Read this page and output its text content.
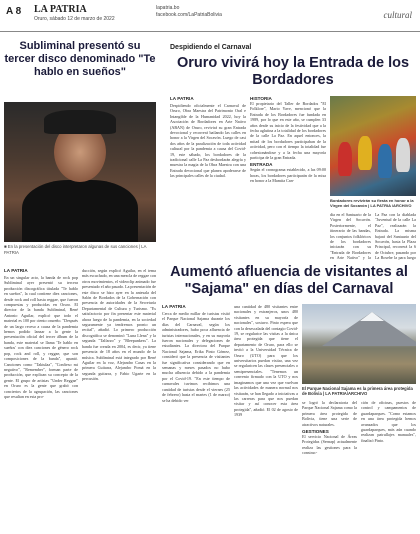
A 8 LA PATRIA
Oruro, sábado 12 de marzo de 2022
lapatria.bo
facebook.com/LaPatriaBolivia	cultural
Subliminal presentó su tercer disco denominado "Te hablo en sueños"
■ En la presentación del disco interpretaron algunas de sus canciones | LA PATRIA
LA PATRIA
En un singular acto, la banda de rock pop Subliminal ayer presentó su tercera producción discográfica titulada "Te hablo en sueños", la cual contiene diez canciones, desde rock and roll hasta reggae, que fueron compuestas y producidas en Oruro. El director de la banda Subliminal, René Antonio Aguilar, explicó que todo el material es 100 por ciento orureño. "Después de un largo receso a causa de la pandemia hemos podido lanzar a la gente la presentación oficial del tercer álbum de la banda, este material se llama 'Te hablo en sueños' con diez canciones de género rock pop, rock and roll, y reggae, que son composiciones de la banda", apuntó. Canciones como "Taktulaa", "Confieso mi negativo", "Remember", forman parte de producción, que explican su concepto de la gente. El grupo de artistas "Under Reggae" en Oruro es la gente que grabó con conciertos de la agrupación, las canciones que resultan en esta pro-
ducción, según explicó Aguilar, en el tema más escuchado, en una mezcla de reggae con otros movimientos, el videoclip animado fue presentado el año pasado. La presentación de este disco se hizo ayer en la antesala del Salón de Bordados de la Gobernación con presencia de autoridades de la Secretaría Departamental de Cultura y Turismo. "Es satisfactorio por fin presentar este material ahora luego de la pandemia, en la sociedad seguramente ya tendremos pronto un recital", añadió. Lo primero producción discográfica se denominó "Luna Llena" y la segunda "Talfarzo" y "Bleepunkess". La banda fue creada en 2004, es decir, ya tiene presencia de 18 años en el mundo de la música. Subliminal está integrado por René Aguilar en la voz, Alejandro Casas en la primera Guitarra, Alejandro Pomá en la segunda guitarra, y Fabio Ugarte en la percusión.
Despidiendo el Carnaval
Oruro vivirá hoy la Entrada de los Bordadores
LA PATRIA
Despidiendo oficialmente el Carnaval de Oruro, Obra Maestra del Patrimonio Oral e Intangible de la Humanidad 2022, hoy la Asociación de Bordadores en Arte Nativo (ABAN) de Oruro, revivirá su gran Entrada devocional y recorrerá bailando las calles en honor a la Virgen del Socavón. Luego de casi dos años de la paralización de toda actividad cultural por la pandemia a causa del Covid-19, este sábado, los bordadores de la tradicional calle La Paz desbordarán alegría y muestra la magia de la Obra Maestra con una Entrada devocional que planea apoderarse de las principales calles de la ciudad.
HISTORIA
El propietario del Taller de Bordados "El Folklore", Mario Yave, mencionó que la Entrada de los Bordadores fue fundada en 1989, por lo que en este año, se cumplen 33 años desde su inicio de la festividad que a la fecha aglutina a la totalidad de los bordadores de la calle La Paz. En aquel entonces, la mitad de los bordadores participaban de la actividad, pero con el tiempo la totalidad fue cohesionándose y a la fecha una mayoría participa de la gran Entrada.
ENTRADA
Según el cronograma establecido, a las 09:00 horas, los bordadores participarán de la misa en honor a la Mamita Can-
Bordadores revivirán su fiesta en honor a la Virgen del Socavón | LA PATRIA /ARCHIVO
Aumentó afluencia de visitantes al "Sajama" en días del Carnaval
LA PATRIA
Cerca de medio millar de turistas visitó el Parque Nacional Sajama durante los días del Carnaval, según los administradores, hubo poca afluencia de turistas internacionales, y en su mayoría fueron nacionales y delegaciones de estudiantes. La directora del Parque Nacional Sajama, Erika Pinto Gómez, consideró que la presencia de visitantes fue significativa considerando que en semanas y meses pasados no hubo mucha afluencia debido a la pandemia por el Covid-19. "En este tiempo de carnavales tuvimos recibimos una cantidad de turistas desde el viernes (25 de febrero) hasta el martes (1 de marzo) se ha debido ver
una cantidad de 480 visitantes entre nacionales y extranjeros, unos 480 visitantes en su mayoría de nacionales", sostuvo. Pinto espera que con la desescalada del contagio Covid-19, se regularice las visitas a la única área protegida que tiene el departamento de Oruro, para ello se invitó a la Universidad Técnica de Oruro (UTO) para que los universitarios puedan visitar, una vez se regularicen las clases presenciales o semipresenciales. "Tenemos un convenio firmado con la UTO y nos imaginamos que una vez que vuelvan las actividades de manera normal nos visitarán, se han llegado a iniciativas a las carreras para que nos puedan visitar y así conocer esta área protegida", añadió. El 02 de agosto de 1939
El Parque Nacional Sajama es la primera área protegida de Bolivia | LA PATRIA/ARCHIVO
se logró la declaratoria del Parque Nacional Sajama como la primera área protegida de Bolivia, tiene una serie de atractivos naturales.
GESTIONES
El servicio Nacional de Áreas Protegidas (Sernap) actualmente realiza las gestiones para la construc-
ción de oficinas, puestos de control y campamentos de guardaparques. "Como estamos en una área protegida hemos avanzados que los guardaparques, más aún cuando realizan patrullajes manuales", finalizó Pinto.
dia en el Santuario de la Virgen del Socavón. Posteriormente, el itinerario de las bandas, los conjuntos folklóricos de los bordadores iniciarán con su "Entrada de Bordadores en Arte Nativo" y la
La Paz con la diablada "Juventud de la calle La Paz", realizarán la Entrada. La misma bajará del Santuario del Socavón, hasta la Plaza Principal, recorrerá la 6 de Octubre, pasando por La Rosehe la para luego
